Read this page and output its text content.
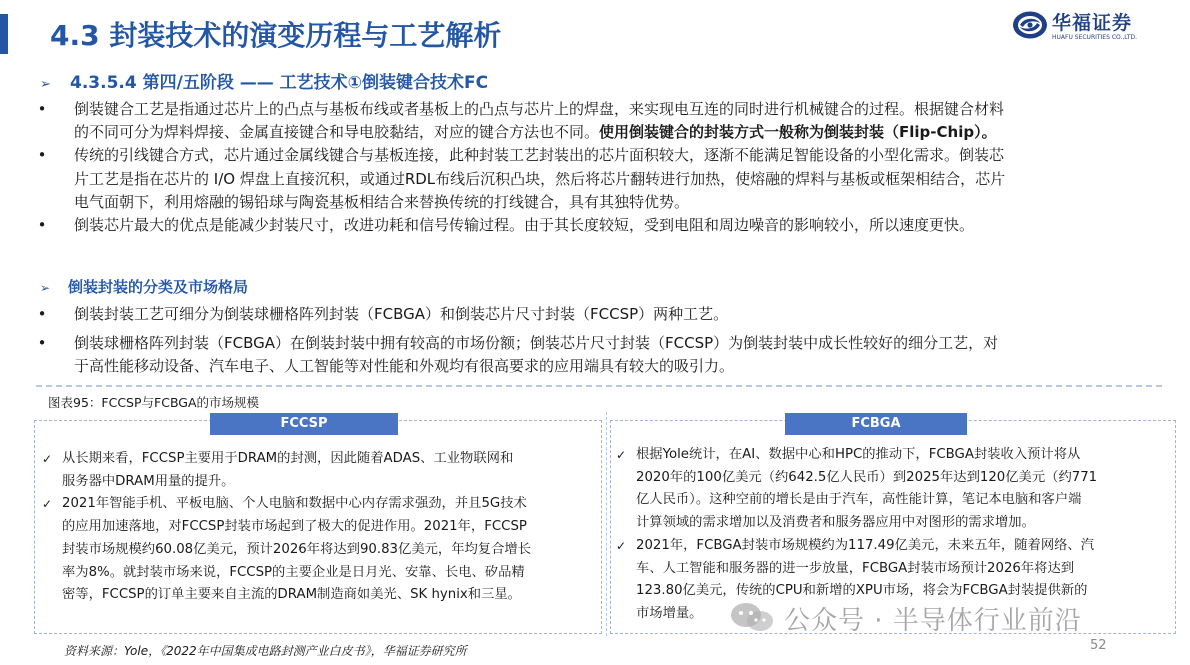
4.3 封装技术的演变历程与工艺解析	华福证券
HUAFU SECURITIES CO.,LTD.
➢ 4.3.5.4 第四/五阶段 —— 工艺技术①倒装键合技术FC
• 倒装键合工艺是指通过芯片上的凸点与基板布线或者基板上的凸点与芯片上的焊盘，来实现电互连的同时进行机械键合的过程。根据键合材料
的不同可分为焊料焊接、金属直接键合和导电胶黏结，对应的键合方法也不同。使用倒装键合的封装方式一般称为倒装封装（Flip-Chip）。
• 传统的引线键合方式，芯片通过金属线键合与基板连接，此种封装工艺封装出的芯片面积较大，逐渐不能满足智能设备的小型化需求。倒装芯
片工艺是指在芯片的 I/O 焊盘上直接沉积，或通过RDL布线后沉积凸块，然后将芯片翻转进行加热，使熔融的焊料与基板或框架相结合，芯片
电气面朝下，利用熔融的锡铅球与陶瓷基板相结合来替换传统的打线键合，具有其独特优势。
• 倒装芯片最大的优点是能减少封装尺寸，改进功耗和信号传输过程。由于其长度较短，受到电阻和周边噪音的影响较小，所以速度更快。
➢ 倒装封装的分类及市场格局
• 倒装封装工艺可细分为倒装球栅格阵列封装（FCBGA）和倒装芯片尺寸封装（FCCSP）两种工艺。
• 倒装球栅格阵列封装（FCBGA）在倒装封装中拥有较高的市场份额；倒装芯片尺寸封装（FCCSP）为倒装封装中成长性较好的细分工艺，对
于高性能移动设备、汽车电子、人工智能等对性能和外观均有很高要求的应用端具有较大的吸引力。
图表95：FCCSP与FCBGA的市场规模
FCCSP	FCBGA
✓ 从长期来看，FCCSP主要用于DRAM的封测，因此随着ADAS、工业物联网和
服务器中DRAM用量的提升。
✓ 2021年智能手机、平板电脑、个人电脑和数据中心内存需求强劲，并且5G技术
的应用加速落地，对FCCSP封装市场起到了极大的促进作用。2021年，FCCSP
封装市场规模约60.08亿美元，预计2026年将达到90.83亿美元，年均复合增长
率为8%。就封装市场来说，FCCSP的主要企业是日月光、安靠、长电、矽品精
密等，FCCSP的订单主要来自主流的DRAM制造商如美光、SK hynix和三星。
✓ 根据Yole统计，在AI、数据中心和HPC的推动下，FCBGA封装收入预计将从
2020年的100亿美元（约642.5亿人民币）到2025年达到120亿美元（约771
亿人民币）。这种空前的增长是由于汽车，高性能计算，笔记本电脑和客户端
计算领域的需求增加以及消费者和服务器应用中对图形的需求增加。
✓ 2021年，FCBGA封装市场规模约为117.49亿美元，未来五年，随着网络、汽
车、人工智能和服务器的进一步放量，FCBGA封装市场预计2026年将达到
123.80亿美元，传统的CPU和新增的XPU市场，将会为FCBGA封装提供新的
市场增量。	公众号 · 半导体行业前沿
资料来源：Yole，《2022年中国集成电路封测产业白皮书》，华福证券研究所	52
